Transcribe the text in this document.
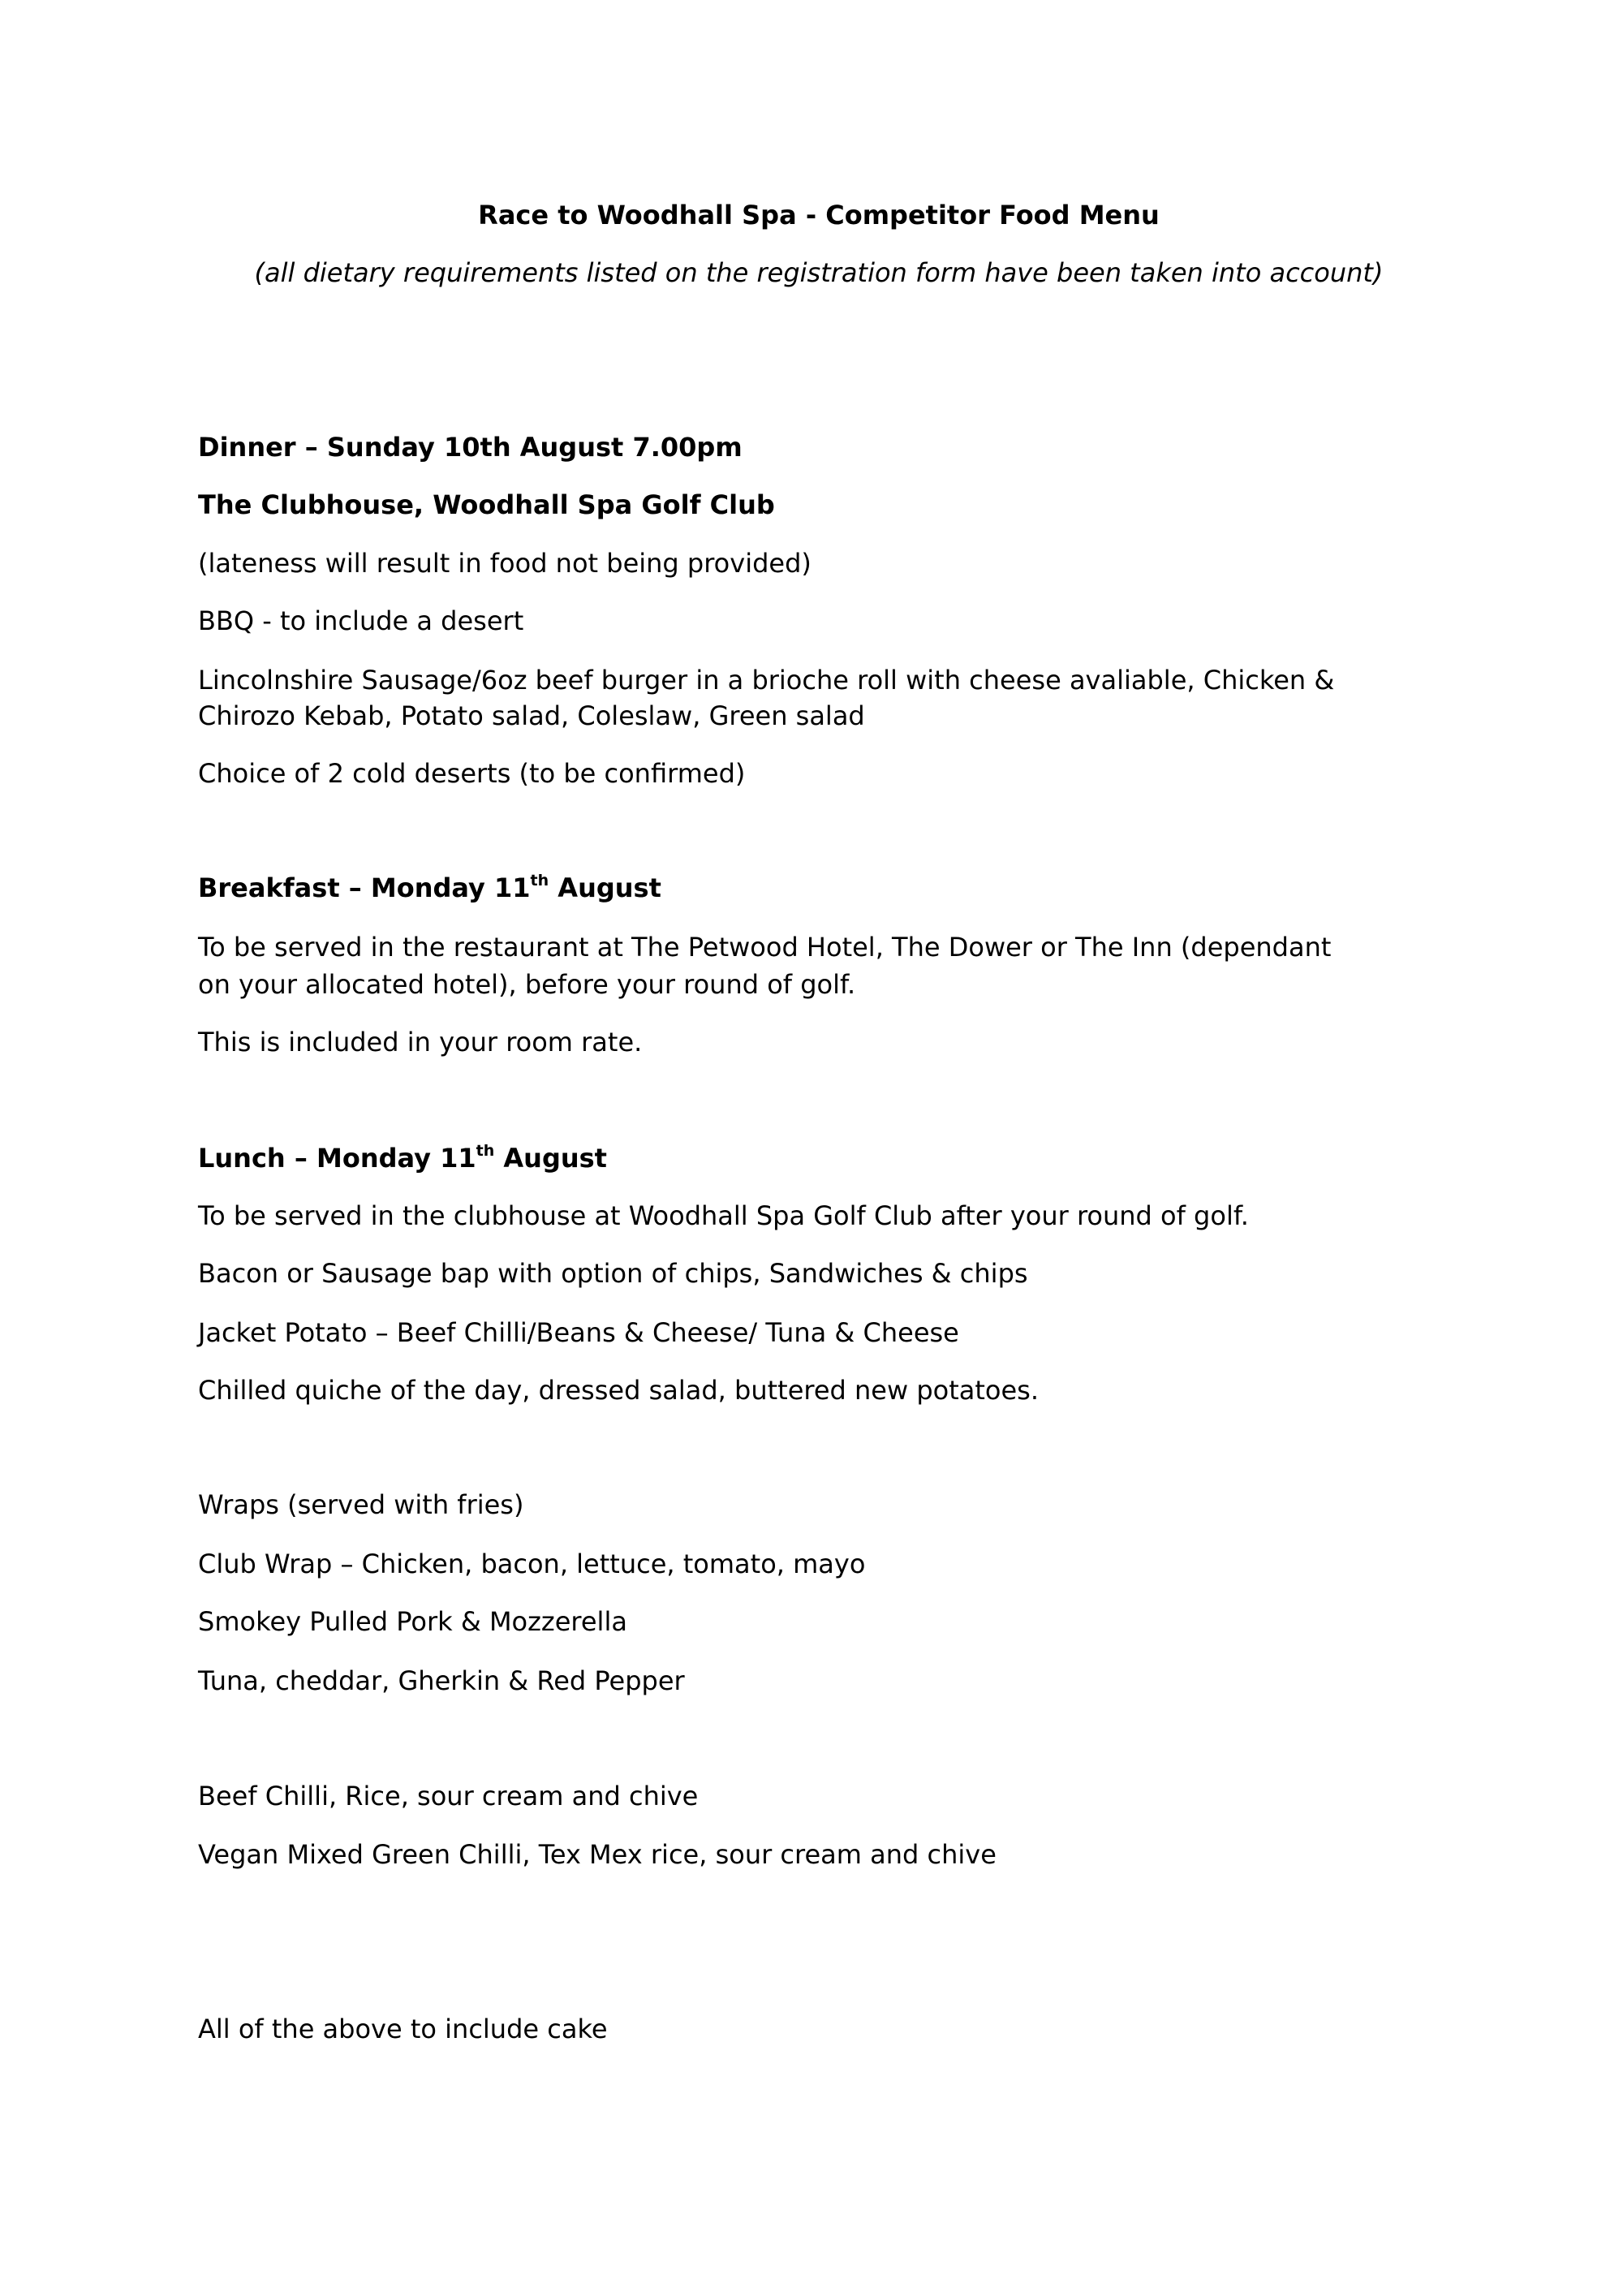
Race to Woodhall Spa - Competitor Food Menu
(all dietary requirements listed on the registration form have been taken into account)
Dinner – Sunday 10th August 7.00pm
The Clubhouse, Woodhall Spa Golf Club
(lateness will result in food not being provided)
BBQ - to include a desert
Lincolnshire Sausage/6oz beef burger in a brioche roll with cheese avaliable, Chicken &
Chirozo Kebab, Potato salad, Coleslaw, Green salad
Choice of 2 cold deserts (to be confirmed)
Breakfast – Monday 11th August
To be served in the restaurant at The Petwood Hotel, The Dower or The Inn (dependant
on your allocated hotel), before your round of golf.
This is included in your room rate.
Lunch – Monday 11th August
To be served in the clubhouse at Woodhall Spa Golf Club after your round of golf.
Bacon or Sausage bap with option of chips, Sandwiches & chips
Jacket Potato – Beef Chilli/Beans & Cheese/ Tuna & Cheese
Chilled quiche of the day, dressed salad, buttered new potatoes.
Wraps (served with fries)
Club Wrap – Chicken, bacon, lettuce, tomato, mayo
Smokey Pulled Pork & Mozzerella
Tuna, cheddar, Gherkin & Red Pepper
Beef Chilli, Rice, sour cream and chive
Vegan Mixed Green Chilli, Tex Mex rice, sour cream and chive
All of the above to include cake
